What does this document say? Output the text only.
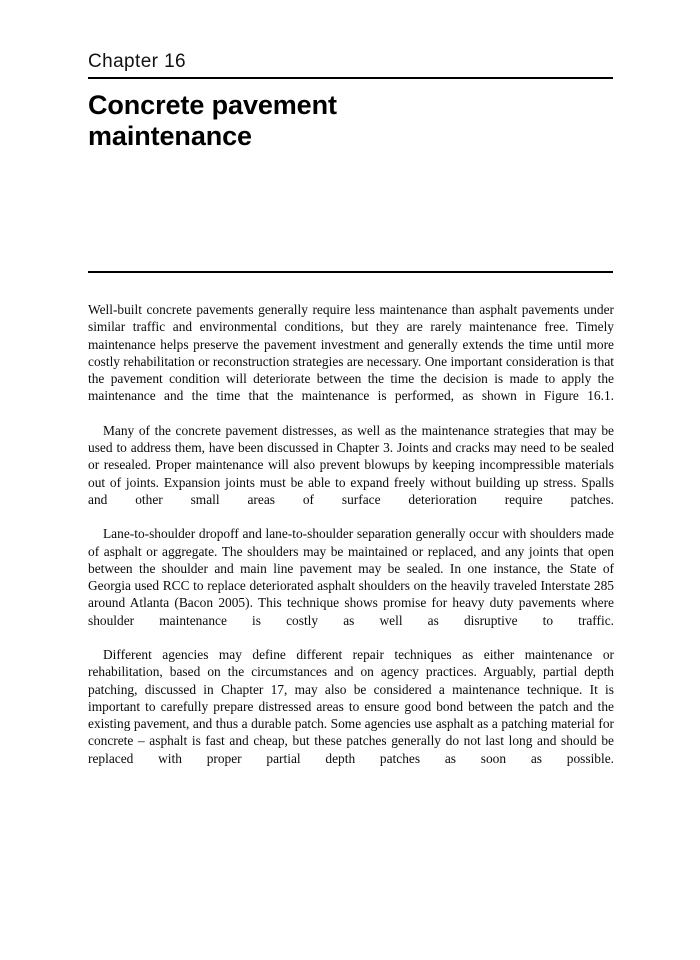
Chapter 16
Concrete pavement
maintenance

Well-built concrete pavements generally require less maintenance than asphalt pavements under similar traffic and environmental conditions, but they are rarely maintenance free. Timely maintenance helps preserve the pavement investment and generally extends the time until more costly rehabilitation or reconstruction strategies are necessary. One important consideration is that the pavement condition will deteriorate between the time the decision is made to apply the maintenance and the time that the maintenance is performed, as shown in Figure 16.1.

Many of the concrete pavement distresses, as well as the maintenance strategies that may be used to address them, have been discussed in Chapter 3. Joints and cracks may need to be sealed or resealed. Proper maintenance will also prevent blowups by keeping incompressible materials out of joints. Expansion joints must be able to expand freely without building up stress. Spalls and other small areas of surface deterioration require patches.

Lane-to-shoulder dropoff and lane-to-shoulder separation generally occur with shoulders made of asphalt or aggregate. The shoulders may be maintained or replaced, and any joints that open between the shoulder and main line pavement may be sealed. In one instance, the State of Georgia used RCC to replace deteriorated asphalt shoulders on the heavily traveled Interstate 285 around Atlanta (Bacon 2005). This technique shows promise for heavy duty pavements where shoulder maintenance is costly as well as disruptive to traffic.

Different agencies may define different repair techniques as either maintenance or rehabilitation, based on the circumstances and on agency practices. Arguably, partial depth patching, discussed in Chapter 17, may also be considered a maintenance technique. It is important to carefully prepare distressed areas to ensure good bond between the patch and the existing pavement, and thus a durable patch. Some agencies use asphalt as a patching material for concrete – asphalt is fast and cheap, but these patches generally do not last long and should be replaced with proper partial depth patches as soon as possible.
